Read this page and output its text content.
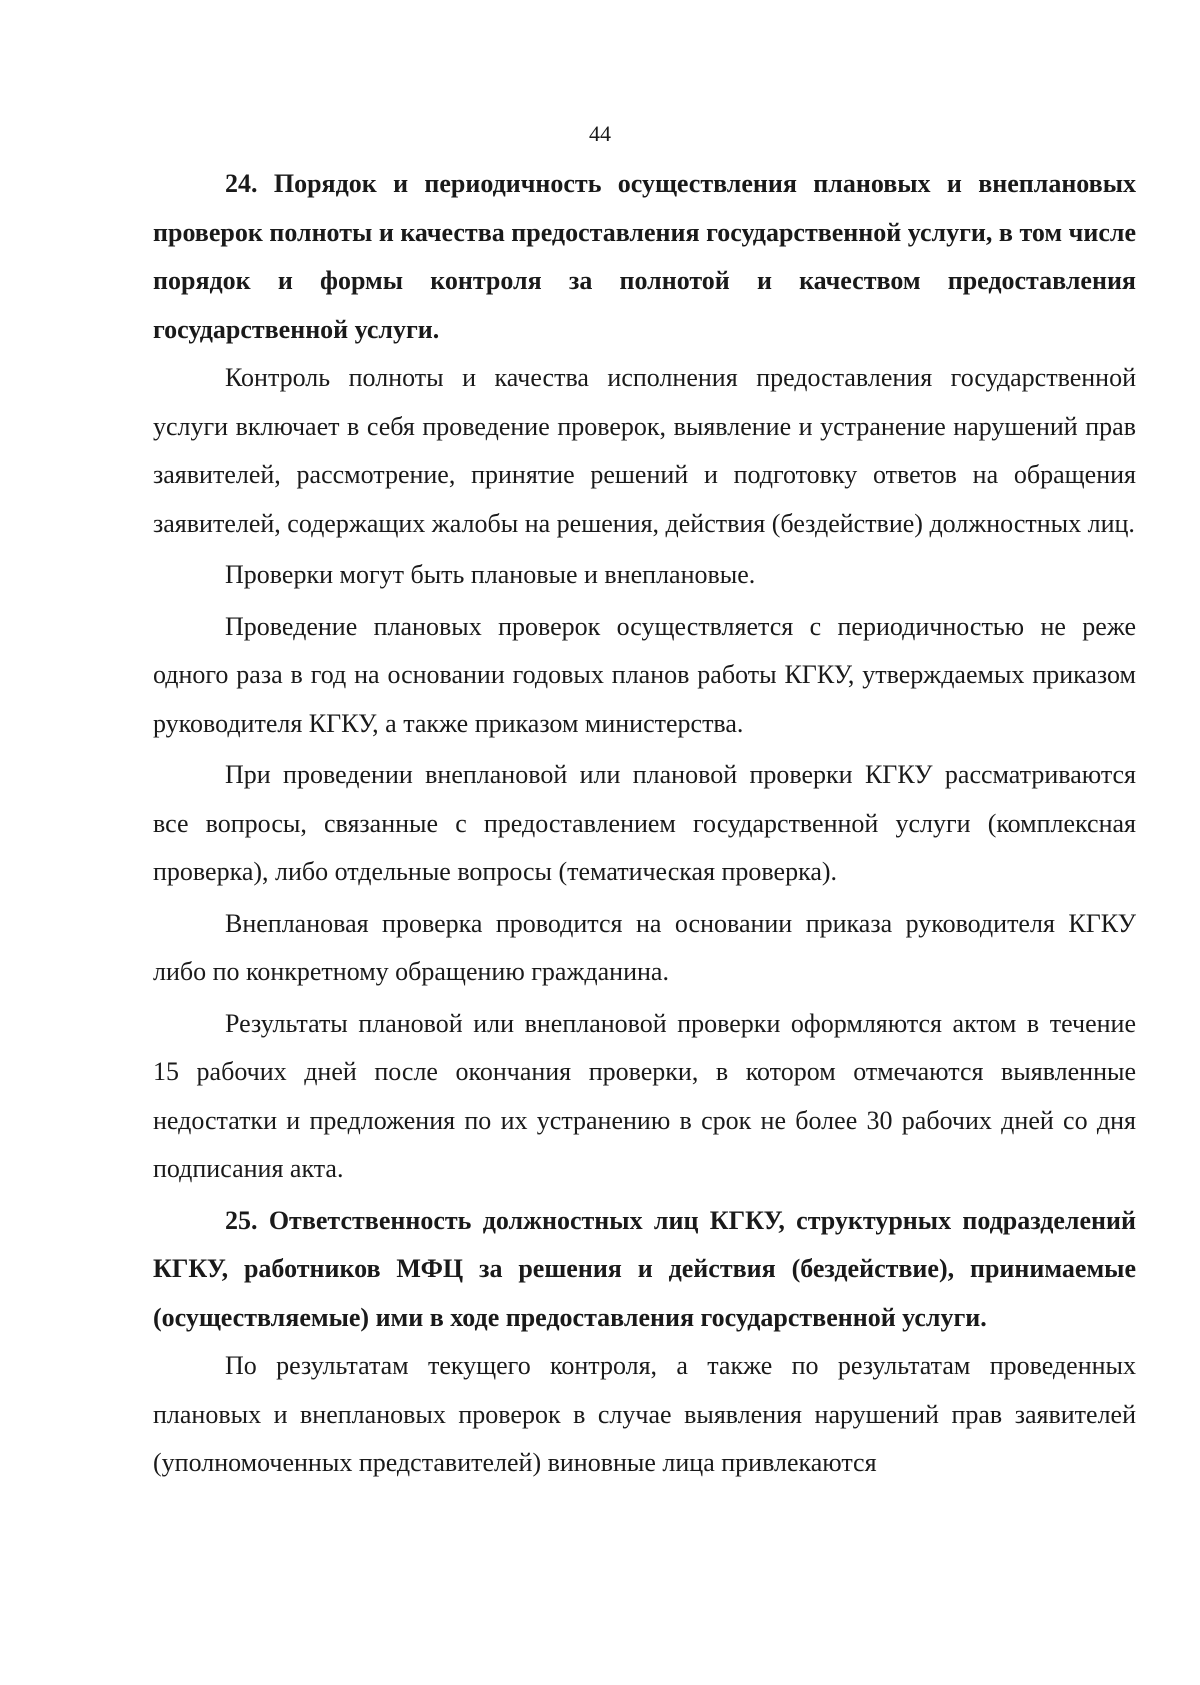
44

24. Порядок и периодичность осуществления плановых и внеплановых проверок полноты и качества предоставления государственной услуги, в том числе порядок и формы контроля за полнотой и качеством предоставления государственной услуги.

Контроль полноты и качества исполнения предоставления государственной услуги включает в себя проведение проверок, выявление и устранение нарушений прав заявителей, рассмотрение, принятие решений и подготовку ответов на обращения заявителей, содержащих жалобы на решения, действия (бездействие) должностных лиц.

Проверки могут быть плановые и внеплановые.

Проведение плановых проверок осуществляется с периодичностью не реже одного раза в год на основании годовых планов работы КГКУ, утверждаемых приказом руководителя КГКУ, а также приказом министерства.

При проведении внеплановой или плановой проверки КГКУ рассматриваются все вопросы, связанные с предоставлением государственной услуги (комплексная проверка), либо отдельные вопросы (тематическая проверка).

Внеплановая проверка проводится на основании приказа руководителя КГКУ либо по конкретному обращению гражданина.

Результаты плановой или внеплановой проверки оформляются актом в течение 15 рабочих дней после окончания проверки, в котором отмечаются выявленные недостатки и предложения по их устранению в срок не более 30 рабочих дней со дня подписания акта.

25. Ответственность должностных лиц КГКУ, структурных подразделений КГКУ, работников МФЦ за решения и действия (бездействие), принимаемые (осуществляемые) ими в ходе предоставления государственной услуги.

По результатам текущего контроля, а также по результатам проведенных плановых и внеплановых проверок в случае выявления нарушений прав заявителей (уполномоченных представителей) виновные лица привлекаются
